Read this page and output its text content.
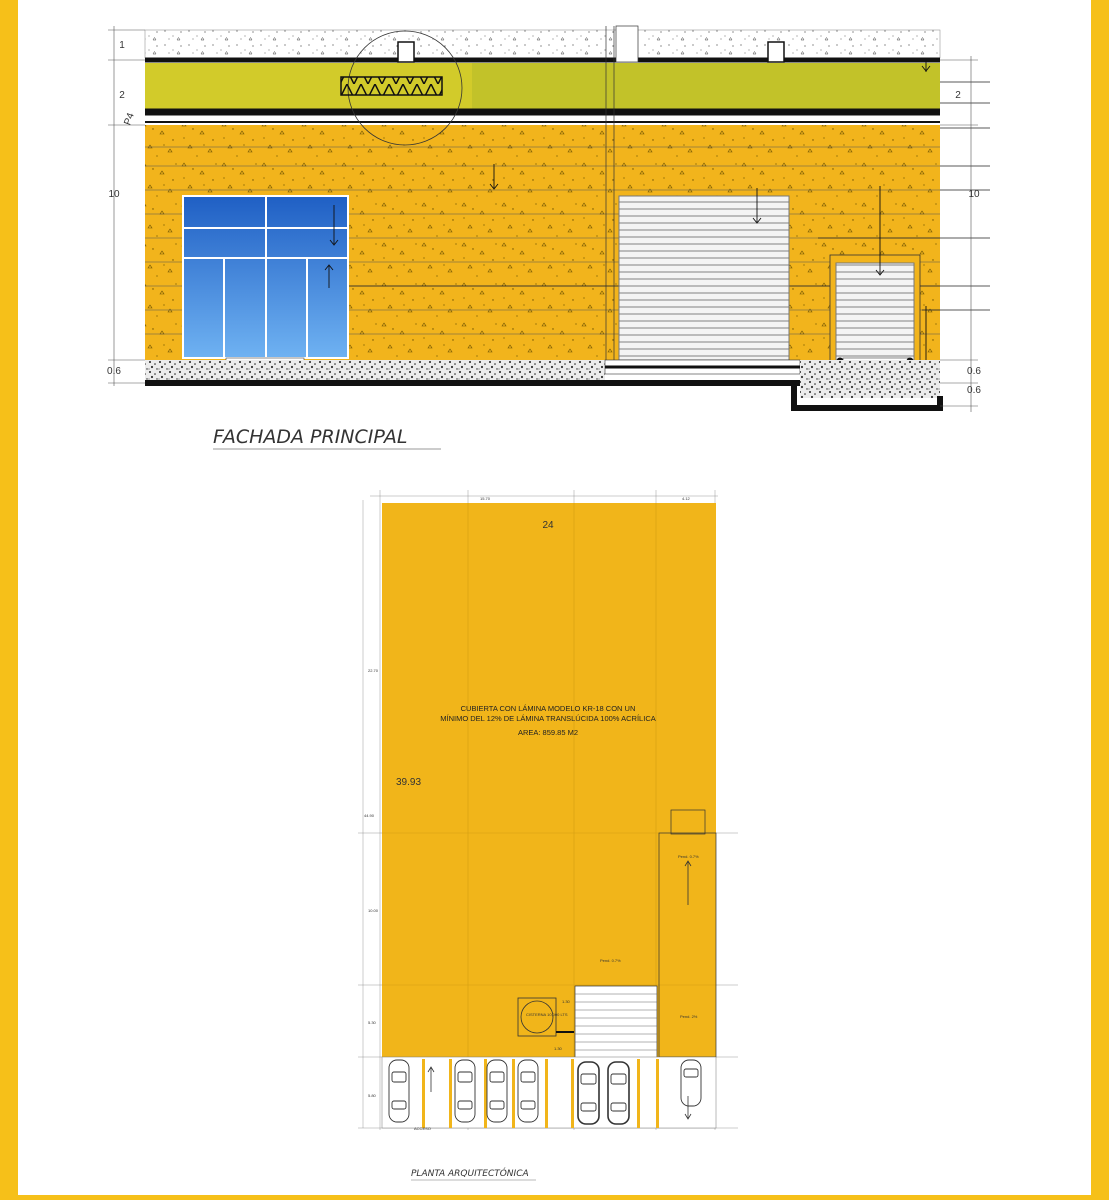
1
2
10
0.6
2
10
0.6
0.6
P4
FACHADA PRINCIPAL
24
39.93
CUBIERTA CON LÁMINA MODELO KR-18 CON UN
MÍNIMO DEL 12% DE LÁMINA TRANSLÚCIDA 100% ACRÍLICA
AREA: 859.85 M2
15.70	4.12
22.70
44.90
10.00
5.30
5.80
CISTERNA 10,000 LTS
Pend. 0.7%
Pend. 0.7%
Pend. 2%
ACCESO
1.30
1.30
PLANTA ARQUITECTÓNICA
